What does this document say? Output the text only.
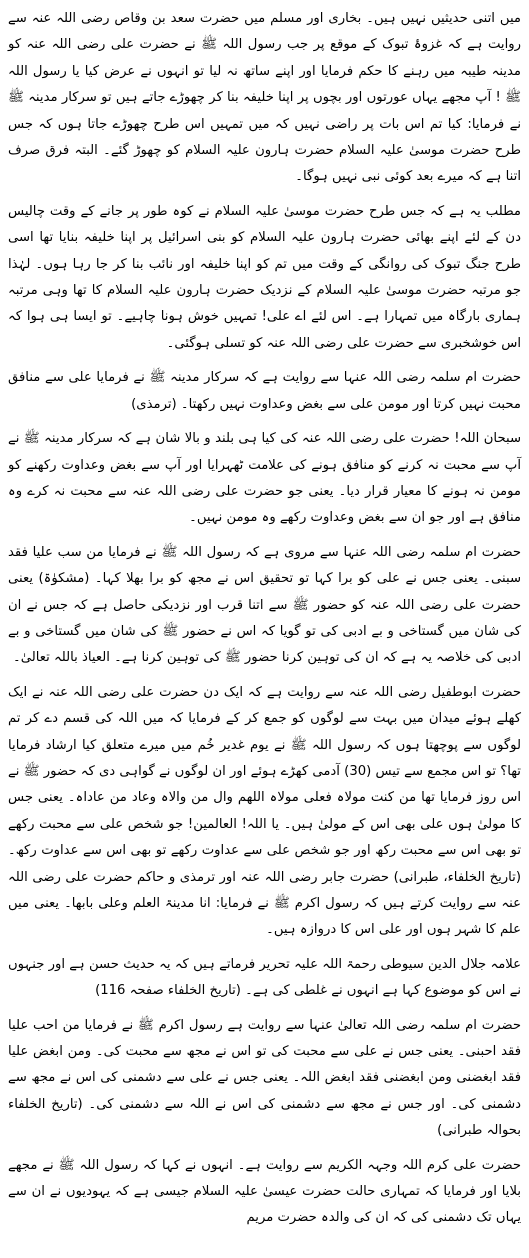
میں اتنی حدیثیں نہیں ہیں۔ بخاری اور مسلم میں حضرت سعد بن وقاص رضی اللہ عنہ سے روایت ہے کہ غزوۂ تبوک کے موقع پر جب رسول اللہ ﷺ نے حضرت علی رضی اللہ عنہ کو مدینہ طیبہ میں رہنے کا حکم فرمایا اور اپنے ساتھ نہ لیا تو انہوں نے عرض کیا یا رسول اللہ ﷺ ! آپ مجھے یہاں عورتوں اور بچوں پر اپنا خلیفہ بنا کر چھوڑے جاتے ہیں تو سرکار مدینہ ﷺ نے فرمایا: کیا تم اس بات پر راضی نہیں کہ میں تمہیں اس طرح چھوڑے جاتا ہوں کہ جس طرح حضرت موسیٰ علیہ السلام حضرت ہارون علیہ السلام کو چھوڑ گئے۔ البتہ فرق صرف اتنا ہے کہ میرے بعد کوئی نبی نہیں ہوگا۔

مطلب یہ ہے کہ جس طرح حضرت موسیٰ علیہ السلام نے کوہ طور پر جانے کے وقت چالیس دن کے لئے اپنے بھائی حضرت ہارون علیہ السلام کو بنی اسرائیل پر اپنا خلیفہ بنایا تھا اسی طرح جنگ تبوک کی روانگی کے وقت میں تم کو اپنا خلیفہ اور نائب بنا کر جا رہا ہوں۔ لہٰذا جو مرتبہ حضرت موسیٰ علیہ السلام کے نزدیک حضرت ہارون علیہ السلام کا تھا وہی مرتبہ ہماری بارگاہ میں تمہارا ہے۔ اس لئے اے علی! تمہیں خوش ہونا چاہیے۔ تو ایسا ہی ہوا کہ اس خوشخبری سے حضرت علی رضی اللہ عنہ کو تسلی ہوگئی۔

حضرت ام سلمہ رضی اللہ عنہا سے روایت ہے کہ سرکار مدینہ ﷺ نے فرمایا علی سے منافق محبت نہیں کرتا اور مومن علی سے بغض وعداوت نہیں رکھتا۔ (ترمذی)

سبحان اللہ! حضرت علی رضی اللہ عنہ کی کیا ہی بلند و بالا شان ہے کہ سرکار مدینہ ﷺ نے آپ سے محبت نہ کرنے کو منافق ہونے کی علامت ٹھہرایا اور آپ سے بغض وعداوت رکھنے کو مومن نہ ہونے کا معیار قرار دیا۔ یعنی جو حضرت علی رضی اللہ عنہ سے محبت نہ کرے وہ منافق ہے اور جو ان سے بغض وعداوت رکھے وہ مومن نہیں۔

حضرت ام سلمہ رضی اللہ عنہا سے مروی ہے کہ رسول اللہ ﷺ نے فرمایا من سب علیا فقد سبنی۔ یعنی جس نے علی کو برا کہا تو تحقیق اس نے مجھ کو برا بھلا کہا۔ (مشکوٰۃ) یعنی حضرت علی رضی اللہ عنہ کو حضور ﷺ سے اتنا قرب اور نزدیکی حاصل ہے کہ جس نے ان کی شان میں گستاخی و بے ادبی کی تو گویا کہ اس نے حضور ﷺ کی شان میں گستاخی و بے ادبی کی خلاصہ یہ ہے کہ ان کی توہین کرنا حضور ﷺ کی توہین کرنا ہے۔ العیاذ باللہ تعالیٰ۔

حضرت ابوطفیل رضی اللہ عنہ سے روایت ہے کہ ایک دن حضرت علی رضی اللہ عنہ نے ایک کھلے ہوئے میدان میں بہت سے لوگوں کو جمع کر کے فرمایا کہ میں اللہ کی قسم دے کر تم لوگوں سے پوچھتا ہوں کہ رسول اللہ ﷺ نے یوم غدیر خُم میں میرے متعلق کیا ارشاد فرمایا تھا؟ تو اس مجمع سے تیس (30) آدمی کھڑے ہوئے اور ان لوگوں نے گواہی دی کہ حضور ﷺ نے اس روز فرمایا تھا من کنت مولاہ فعلی مولاہ اللھم وال من والاہ وعاد من عاداہ۔ یعنی جس کا مولیٰ ہوں علی بھی اس کے مولیٰ ہیں۔ یا اللہ! العالمین! جو شخص علی سے محبت رکھے تو بھی اس سے محبت رکھ اور جو شخص علی سے عداوت رکھے تو بھی اس سے عداوت رکھ۔ (تاریخ الخلفاء، طبرانی) حضرت جابر رضی اللہ عنہ اور ترمذی و حاکم حضرت علی رضی اللہ عنہ سے روایت کرتے ہیں کہ رسول اکرم ﷺ نے فرمایا: انا مدینۃ العلم وعلی بابھا۔ یعنی میں علم کا شہر ہوں اور علی اس کا دروازہ ہیں۔

علامہ جلال الدین سیوطی رحمۃ اللہ علیہ تحریر فرماتے ہیں کہ یہ حدیث حسن ہے اور جنہوں نے اس کو موضوع کہا ہے انہوں نے غلطی کی ہے۔ (تاریخ الخلفاء صفحہ 116)

حضرت ام سلمہ رضی اللہ تعالیٰ عنہا سے روایت ہے رسول اکرم ﷺ نے فرمایا من احب علیا فقد احبنی۔ یعنی جس نے علی سے محبت کی تو اس نے مجھ سے محبت کی۔ ومن ابغض علیا فقد ابغضنی ومن ابغضنی فقد ابغض اللہ۔ یعنی جس نے علی سے دشمنی کی اس نے مجھ سے دشمنی کی۔ اور جس نے مجھ سے دشمنی کی اس نے اللہ سے دشمنی کی۔ (تاریخ الخلفاء بحوالہ طبرانی)

حضرت علی کرم اللہ وجہہ الکریم سے روایت ہے۔ انہوں نے کہا کہ رسول اللہ ﷺ نے مجھے بلایا اور فرمایا کہ تمہاری حالت حضرت عیسیٰ علیہ السلام جیسی ہے کہ یہودیوں نے ان سے یہاں تک دشمنی کی کہ ان کی والدہ حضرت مریم
